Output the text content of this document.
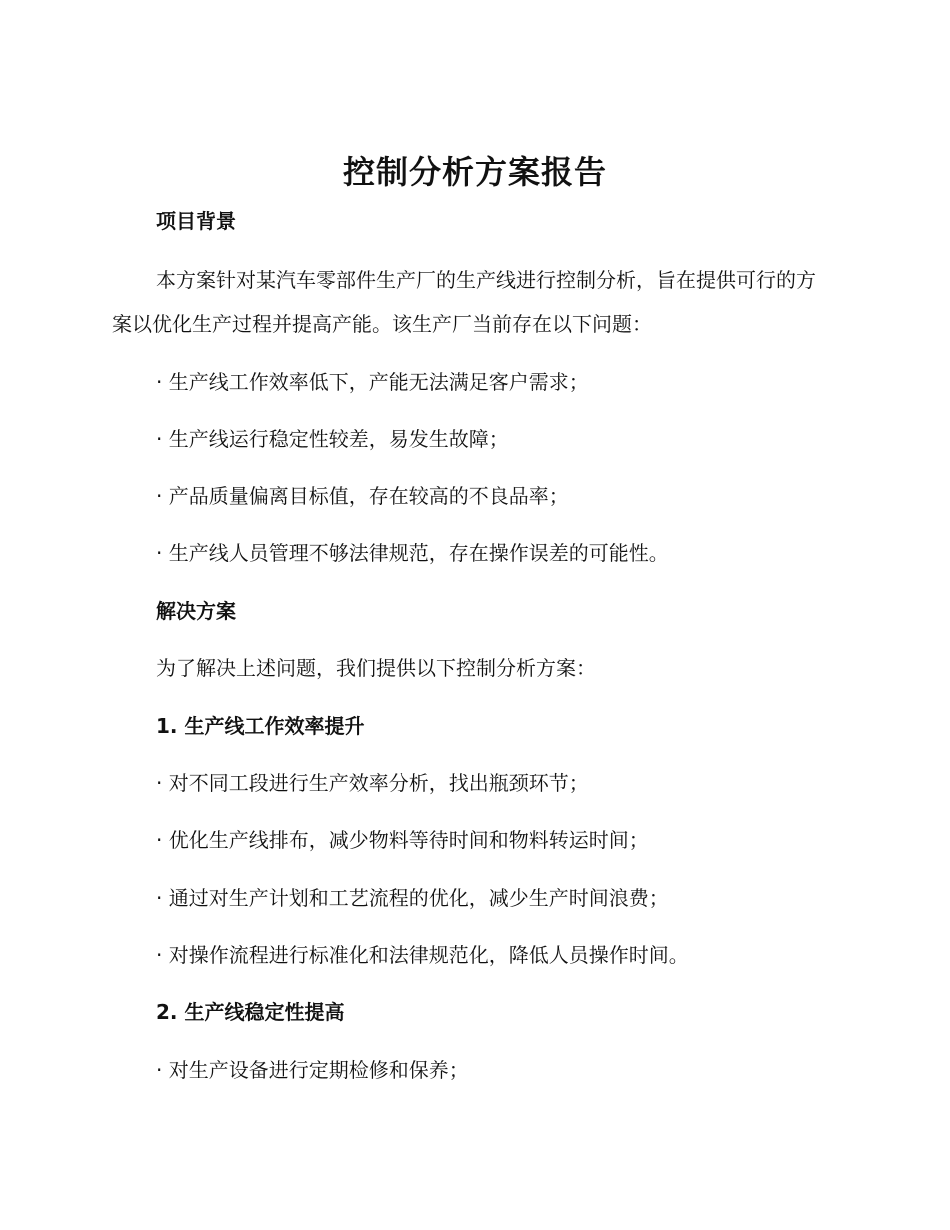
控制分析方案报告
项目背景
本方案针对某汽车零部件生产厂的生产线进行控制分析，旨在提供可行的方案以优化生产过程并提高产能。该生产厂当前存在以下问题：
· 生产线工作效率低下，产能无法满足客户需求；
· 生产线运行稳定性较差，易发生故障；
· 产品质量偏离目标值，存在较高的不良品率；
· 生产线人员管理不够法律规范，存在操作误差的可能性。
解决方案
为了解决上述问题，我们提供以下控制分析方案：
1. 生产线工作效率提升
· 对不同工段进行生产效率分析，找出瓶颈环节；
· 优化生产线排布，减少物料等待时间和物料转运时间；
· 通过对生产计划和工艺流程的优化，减少生产时间浪费；
· 对操作流程进行标准化和法律规范化，降低人员操作时间。
2. 生产线稳定性提高
· 对生产设备进行定期检修和保养；
